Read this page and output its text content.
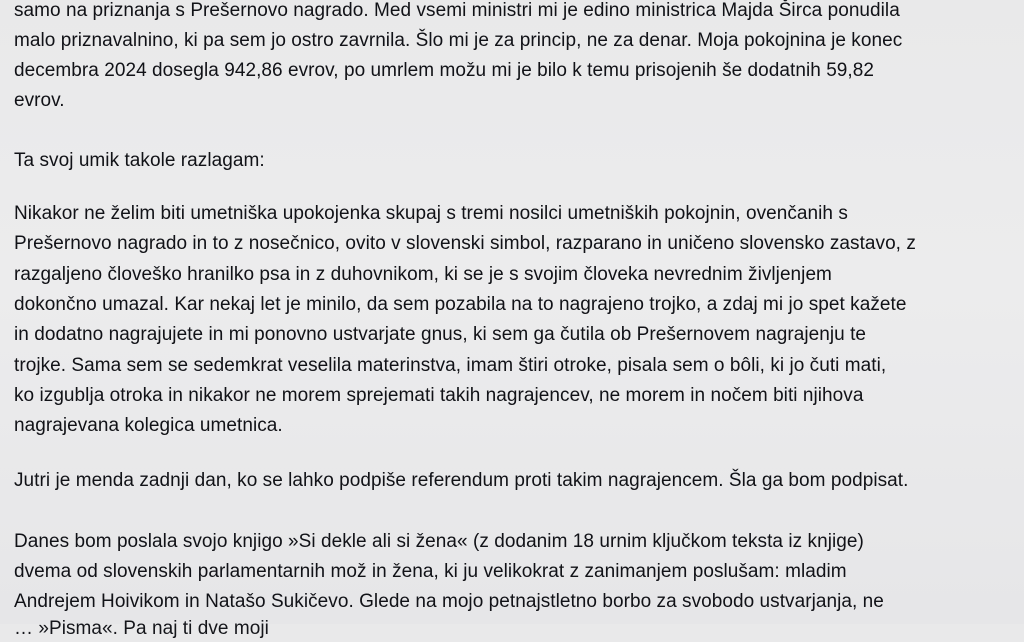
samo na priznanja s Prešernovo nagrado. Med vsemi ministri mi je edino ministrica Majda Širca ponudila
malo priznavalnino, ki pa sem jo ostro zavrnila. Šlo mi je za princip, ne za denar. Moja pokojnina je konec
decembra 2024 dosegla 942,86 evrov, po umrlem možu mi je bilo k temu prisojenih še dodatnih 59,82
evrov.
Ta svoj umik takole razlagam:
Nikakor ne želim biti umetniška upokojenka skupaj s tremi nosilci umetniških pokojnin, ovenčanih s
Prešernovo nagrado in to z nosečnico, ovito v slovenski simbol, razparano in uničeno slovensko zastavo, z
razgaljeno človeško hranilko psa in z duhovnikom, ki se je s svojim človeka nevrednim življenjem
dokončno umazal. Kar nekaj let je minilo, da sem pozabila na to nagrajeno trojko, a zdaj mi jo spet kažete
in dodatno nagrajujete in mi ponovno ustvarjate gnus, ki sem ga čutila ob Prešernovem nagrajenju te
trojke. Sama sem se sedemkrat veselila materinstva, imam štiri otroke, pisala sem o bôli, ki jo čuti mati,
ko izgublja otroka in nikakor ne morem sprejemati takih nagrajencev, ne morem in nočem biti njihova
nagrajevana kolegica umetnica.
Jutri je menda zadnji dan, ko se lahko podpiše referendum proti takim nagrajencem. Šla ga bom podpisat.
Danes bom poslala svojo knjigo »Si dekle ali si žena« (z dodanim 18 urnim ključkom teksta iz knjige)
dvema od slovenskih parlamentarnih mož in žena, ki ju velikokrat z zanimanjem poslušam: mladim
Andrejem Hoivikom in Natašo Sukičevo. Glede na mojo petnajstletno borbo za svobodo ustvarjanja, ne
… »Pisma«. Pa naj ti dve moji
